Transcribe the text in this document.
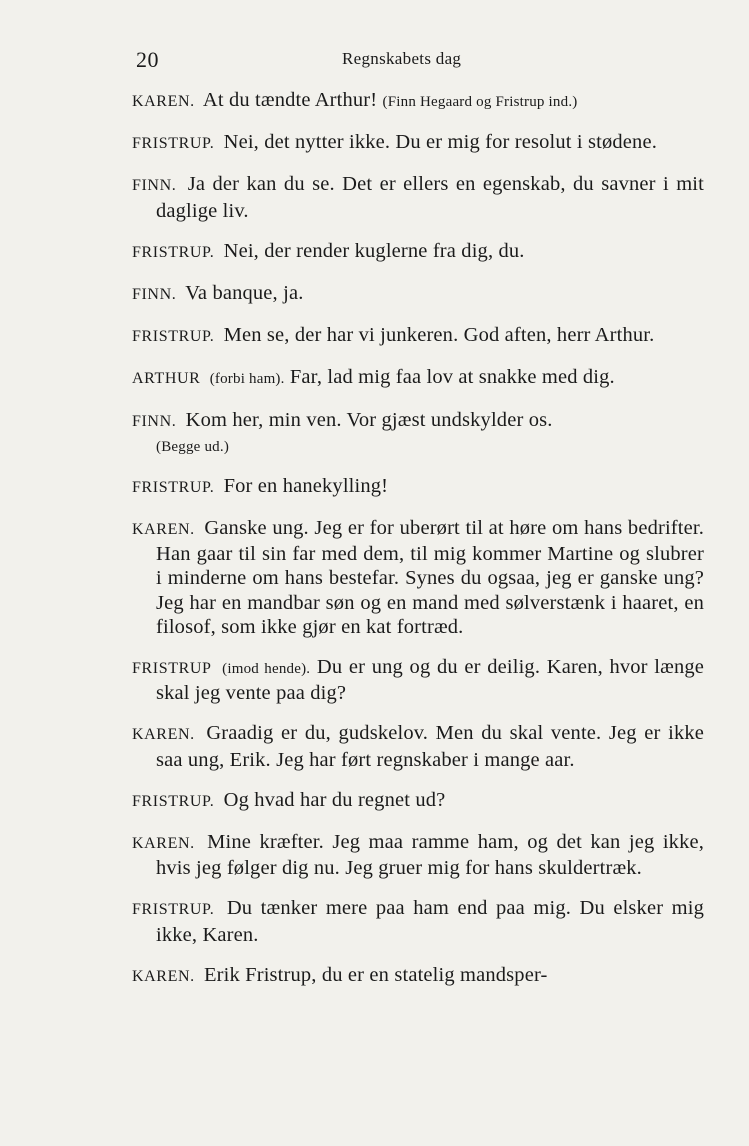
20	Regnskabets dag

KAREN. At du tændte Arthur! (Finn Hegaard og Fristrup ind.)

FRISTRUP. Nei, det nytter ikke. Du er mig for resolut i stødene.

FINN. Ja der kan du se. Det er ellers en egenskab, du savner i mit daglige liv.

FRISTRUP. Nei, der render kuglerne fra dig, du.

FINN. Va banque, ja.

FRISTRUP. Men se, der har vi junkeren. God aften, herr Arthur.

ARTHUR (forbi ham). Far, lad mig faa lov at snakke med dig.

FINN. Kom her, min ven. Vor gjæst undskylder os.

(Begge ud.)

FRISTRUP. For en hanekylling!

KAREN. Ganske ung. Jeg er for uberørt til at høre om hans bedrifter. Han gaar til sin far med dem, til mig kommer Martine og slubrer i minderne om hans bestefar. Synes du ogsaa, jeg er ganske ung? Jeg har en mandbar søn og en mand med sølverstænk i haaret, en filosof, som ikke gjør en kat fortræd.

FRISTRUP (imod hende). Du er ung og du er deilig. Karen, hvor længe skal jeg vente paa dig?

KAREN. Graadig er du, gudskelov. Men du skal vente. Jeg er ikke saa ung, Erik. Jeg har ført regnskaber i mange aar.

FRISTRUP. Og hvad har du regnet ud?

KAREN. Mine kræfter. Jeg maa ramme ham, og det kan jeg ikke, hvis jeg følger dig nu. Jeg gruer mig for hans skuldertræk.

FRISTRUP. Du tænker mere paa ham end paa mig. Du elsker mig ikke, Karen.

KAREN. Erik Fristrup, du er en statelig mandsper-
